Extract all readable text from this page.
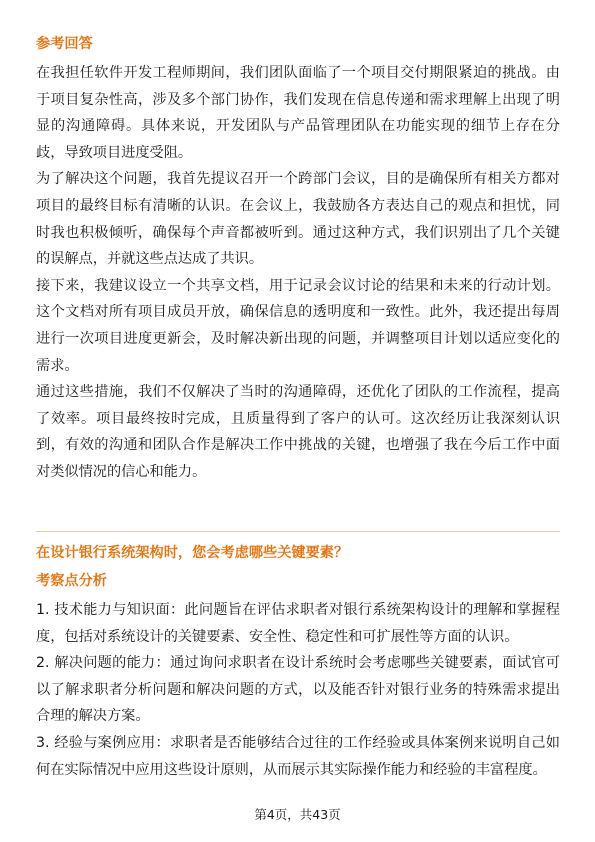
参考回答

在我担任软件开发工程师期间，我们团队面临了一个项目交付期限紧迫的挑战。由于项目复杂性高，涉及多个部门协作，我们发现在信息传递和需求理解上出现了明显的沟通障碍。具体来说，开发团队与产品管理团队在功能实现的细节上存在分歧，导致项目进度受阻。

为了解决这个问题，我首先提议召开一个跨部门会议，目的是确保所有相关方都对项目的最终目标有清晰的认识。在会议上，我鼓励各方表达自己的观点和担忧，同时我也积极倾听，确保每个声音都被听到。通过这种方式，我们识别出了几个关键的误解点，并就这些点达成了共识。

接下来，我建议设立一个共享文档，用于记录会议讨论的结果和未来的行动计划。这个文档对所有项目成员开放，确保信息的透明度和一致性。此外，我还提出每周进行一次项目进度更新会，及时解决新出现的问题，并调整项目计划以适应变化的需求。

通过这些措施，我们不仅解决了当时的沟通障碍，还优化了团队的工作流程，提高了效率。项目最终按时完成，且质量得到了客户的认可。这次经历让我深刻认识到，有效的沟通和团队合作是解决工作中挑战的关键，也增强了我在今后工作中面对类似情况的信心和能力。

在设计银行系统架构时，您会考虑哪些关键要素？

考察点分析

1. 技术能力与知识面：此问题旨在评估求职者对银行系统架构设计的理解和掌握程度，包括对系统设计的关键要素、安全性、稳定性和可扩展性等方面的认识。

2. 解决问题的能力：通过询问求职者在设计系统时会考虑哪些关键要素，面试官可以了解求职者分析问题和解决问题的方式，以及能否针对银行业务的特殊需求提出合理的解决方案。

3. 经验与案例应用：求职者是否能够结合过往的工作经验或具体案例来说明自己如何在实际情况中应用这些设计原则，从而展示其实际操作能力和经验的丰富程度。

第4页，共43页
